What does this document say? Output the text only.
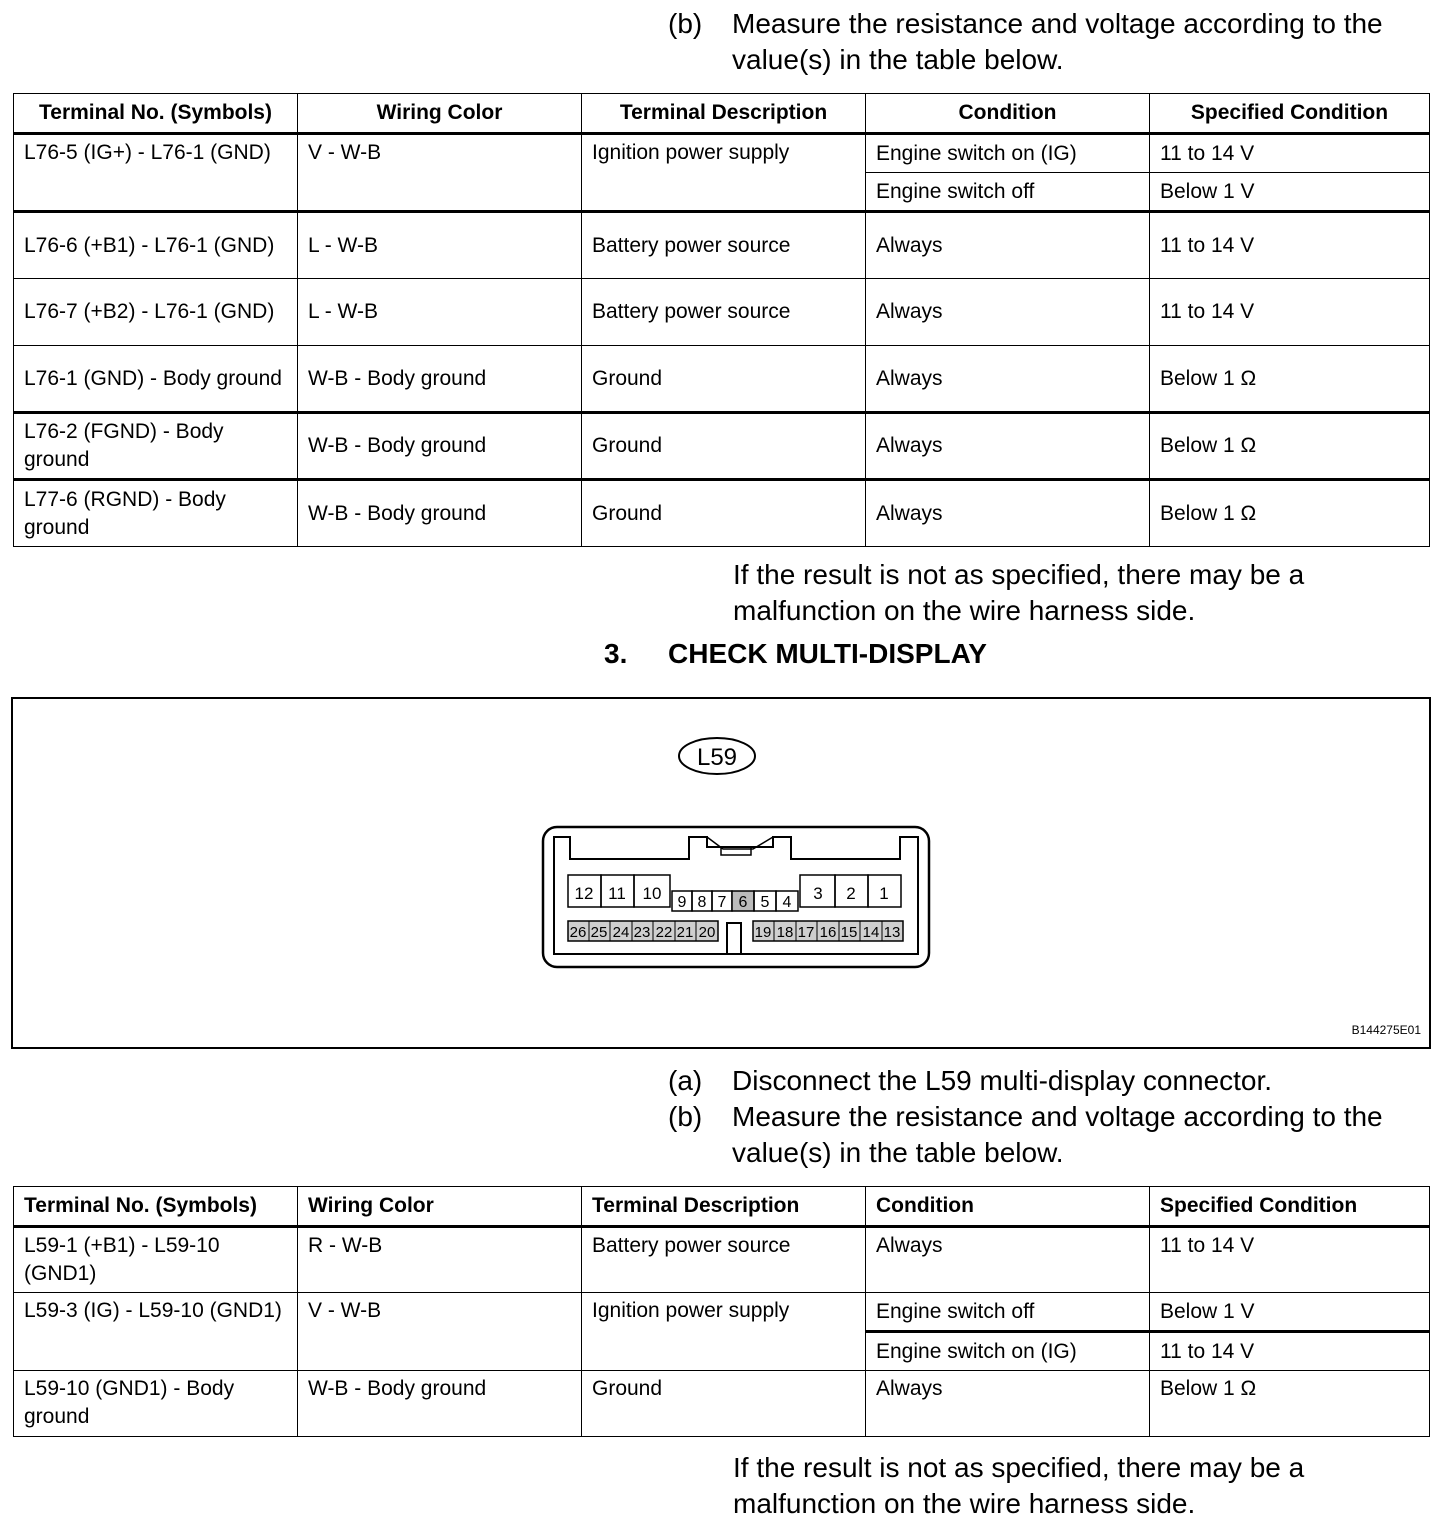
(b) Measure the resistance and voltage according to the value(s) in the table below.
Terminal No. (Symbols)	Wiring Color	Terminal Description	Condition	Specified Condition
L76-5 (IG+) - L76-1 (GND)	V - W-B	Ignition power supply	Engine switch on (IG)	11 to 14 V
			Engine switch off	Below 1 V
L76-6 (+B1) - L76-1 (GND)	L - W-B	Battery power source	Always	11 to 14 V
L76-7 (+B2) - L76-1 (GND)	L - W-B	Battery power source	Always	11 to 14 V
L76-1 (GND) - Body ground	W-B - Body ground	Ground	Always	Below 1 Ω
L76-2 (FGND) - Body ground	W-B - Body ground	Ground	Always	Below 1 Ω
L77-6 (RGND) - Body ground	W-B - Body ground	Ground	Always	Below 1 Ω
If the result is not as specified, there may be a malfunction on the wire harness side.
3. CHECK MULTI-DISPLAY
L59
12 11 10 9 8 7 6 5 4 3 2 1
26 25 24 23 22 21 20	19 18 17 16 15 14 13
B144275E01
(a) Disconnect the L59 multi-display connector.
(b) Measure the resistance and voltage according to the value(s) in the table below.
Terminal No. (Symbols)	Wiring Color	Terminal Description	Condition	Specified Condition
L59-1 (+B1) - L59-10 (GND1)	R - W-B	Battery power source	Always	11 to 14 V
L59-3 (IG) - L59-10 (GND1)	V - W-B	Ignition power supply	Engine switch off	Below 1 V
			Engine switch on (IG)	11 to 14 V
L59-10 (GND1) - Body ground	W-B - Body ground	Ground	Always	Below 1 Ω
If the result is not as specified, there may be a malfunction on the wire harness side.
